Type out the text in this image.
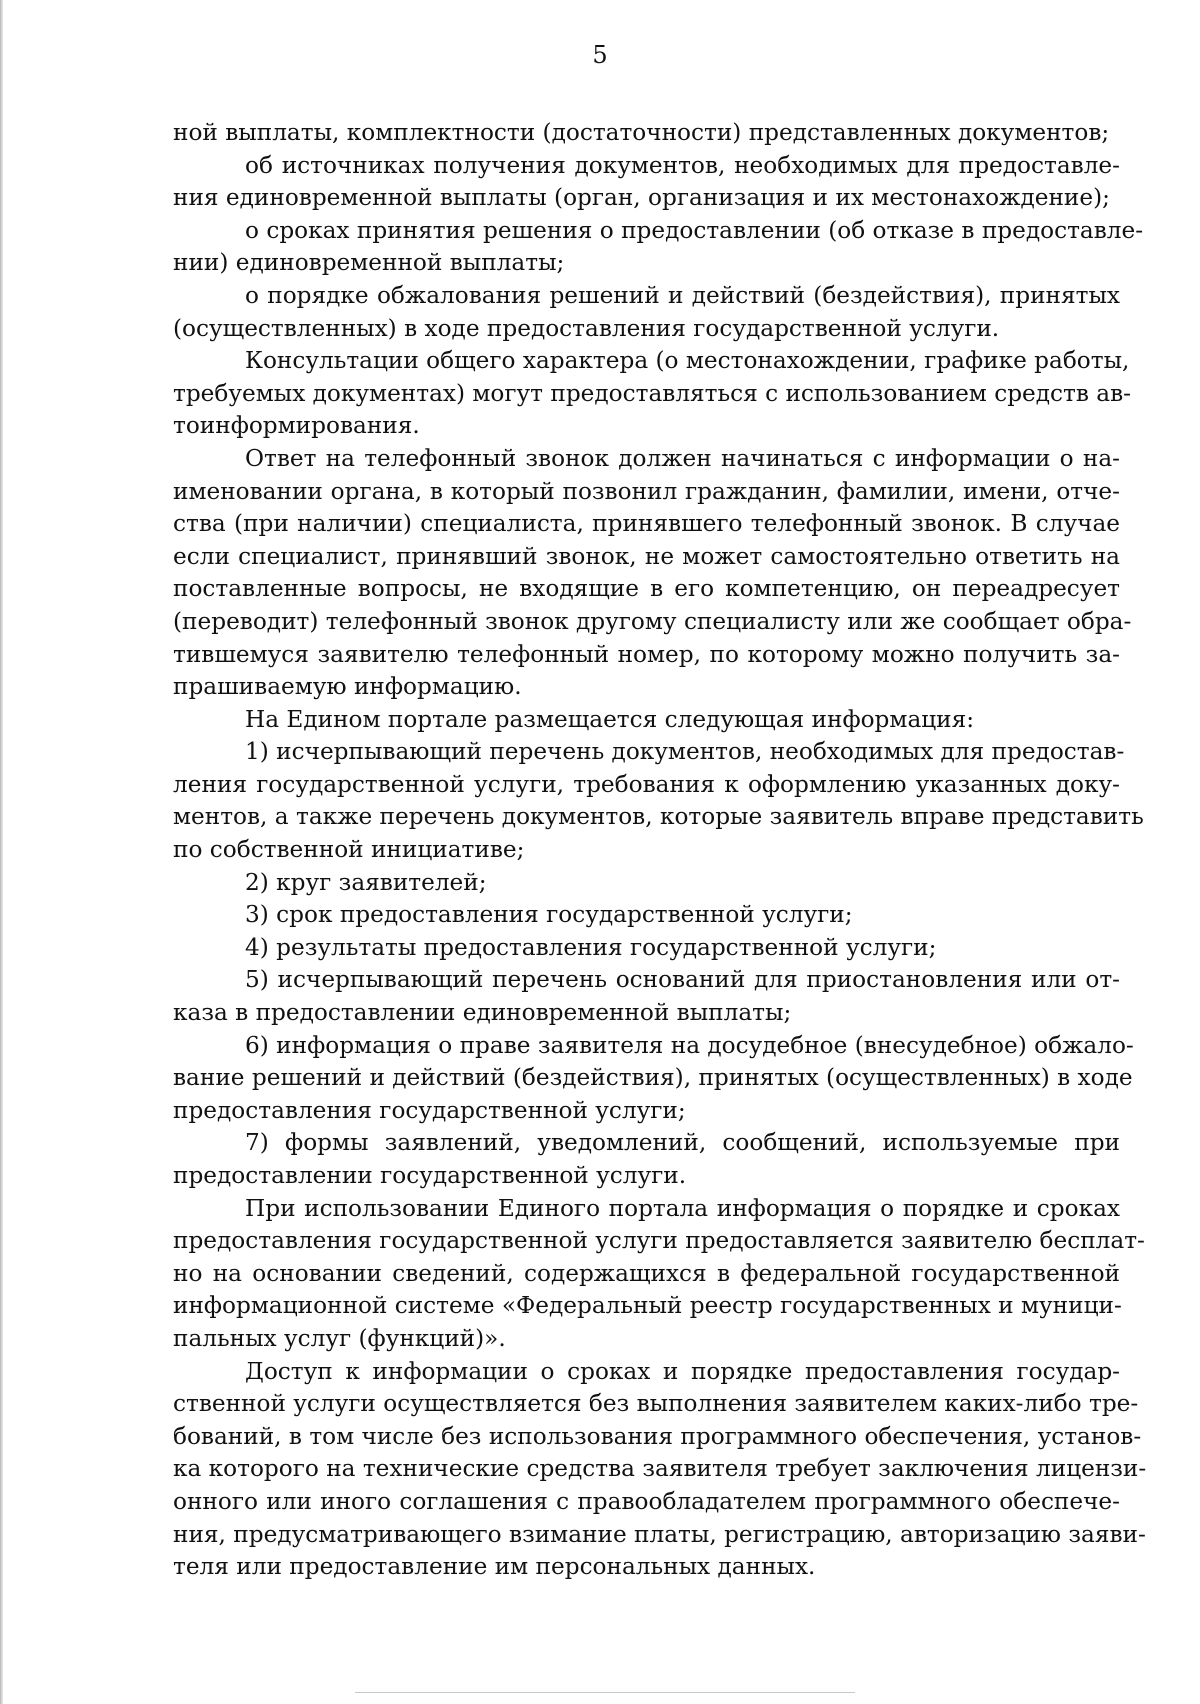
5
ной выплаты, комплектности (достаточности) представленных документов;
об источниках получения документов, необходимых для предоставле-
ния единовременной выплаты (орган, организация и их местонахождение);
о сроках принятия решения о предоставлении (об отказе в предоставле-
нии) единовременной выплаты;
о порядке обжалования решений и действий (бездействия), принятых
(осуществленных) в ходе предоставления государственной услуги.
Консультации общего характера (о местонахождении, графике работы,
требуемых документах) могут предоставляться с использованием средств ав-
тоинформирования.
Ответ на телефонный звонок должен начинаться с информации о на-
именовании органа, в который позвонил гражданин, фамилии, имени, отче-
ства (при наличии) специалиста, принявшего телефонный звонок. В случае
если специалист, принявший звонок, не может самостоятельно ответить на
поставленные вопросы, не входящие в его компетенцию, он переадресует
(переводит) телефонный звонок другому специалисту или же сообщает обра-
тившемуся заявителю телефонный номер, по которому можно получить за-
прашиваемую информацию.
На Едином портале размещается следующая информация:
1) исчерпывающий перечень документов, необходимых для предостав-
ления государственной услуги, требования к оформлению указанных доку-
ментов, а также перечень документов, которые заявитель вправе представить
по собственной инициативе;
2) круг заявителей;
3) срок предоставления государственной услуги;
4) результаты предоставления государственной услуги;
5) исчерпывающий перечень оснований для приостановления или от-
каза в предоставлении единовременной выплаты;
6) информация о праве заявителя на досудебное (внесудебное) обжало-
вание решений и действий (бездействия), принятых (осуществленных) в ходе
предоставления государственной услуги;
7) формы заявлений, уведомлений, сообщений, используемые при
предоставлении государственной услуги.
При использовании Единого портала информация о порядке и сроках
предоставления государственной услуги предоставляется заявителю бесплат-
но на основании сведений, содержащихся в федеральной государственной
информационной системе «Федеральный реестр государственных и муници-
пальных услуг (функций)».
Доступ к информации о сроках и порядке предоставления государ-
ственной услуги осуществляется без выполнения заявителем каких-либо тре-
бований, в том числе без использования программного обеспечения, установ-
ка которого на технические средства заявителя требует заключения лицензи-
онного или иного соглашения с правообладателем программного обеспече-
ния, предусматривающего взимание платы, регистрацию, авторизацию заяви-
теля или предоставление им персональных данных.
